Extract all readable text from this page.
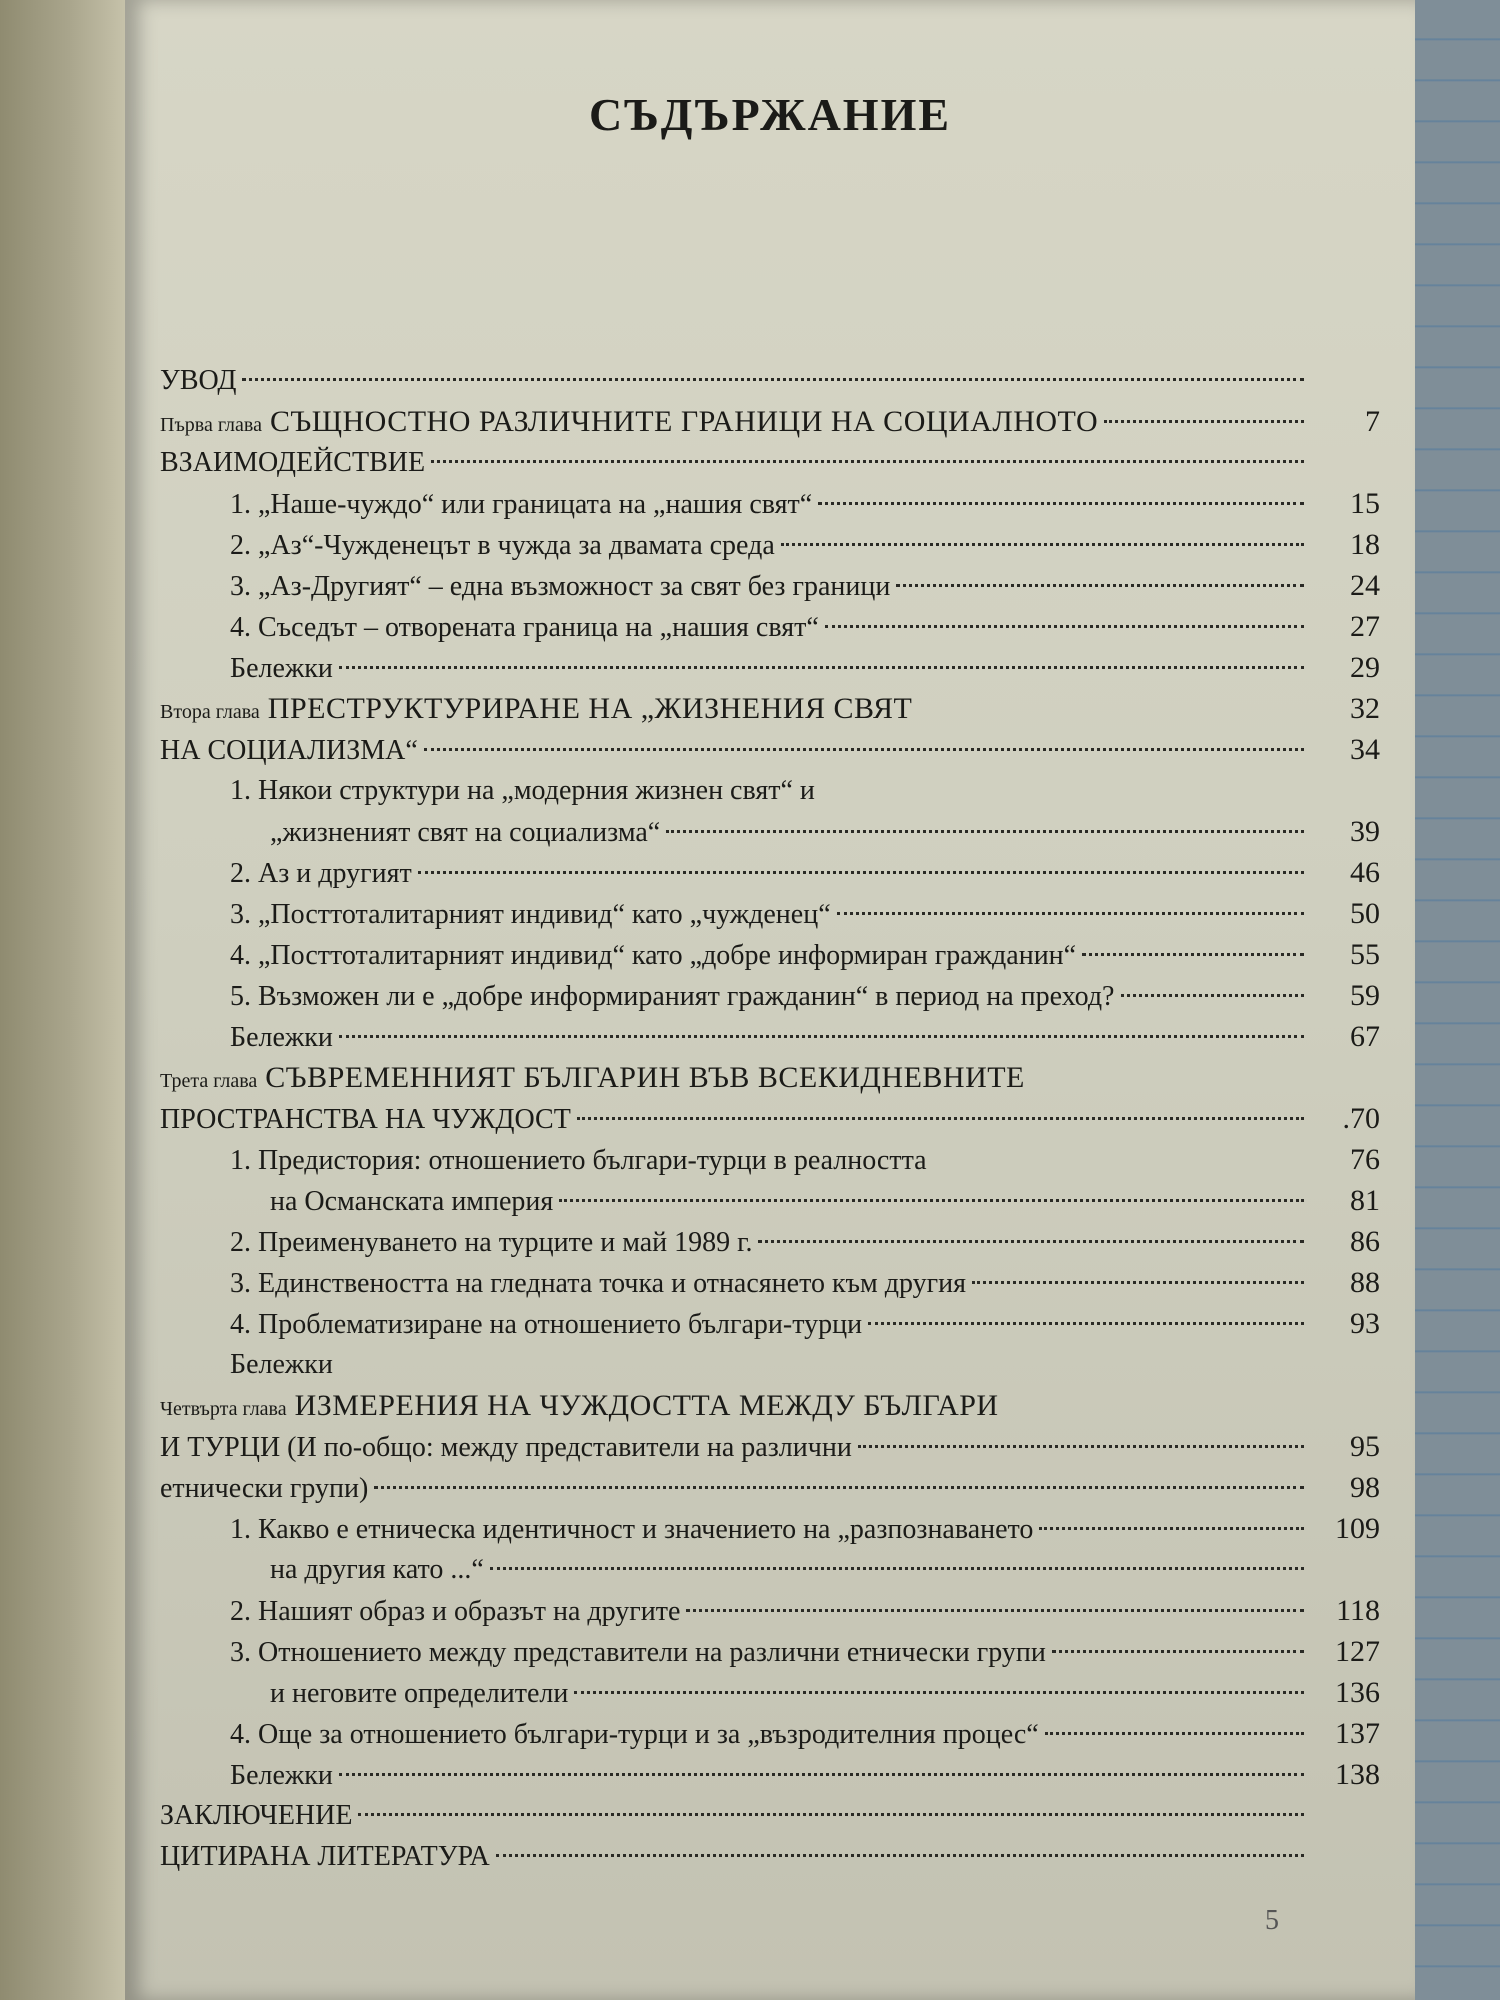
СЪДЪРЖАНИЕ
УВОД
Първа глава СЪЩНОСТНО РАЗЛИЧНИТЕ ГРАНИЦИ НА СОЦИАЛНОТО	7
ВЗАИМОДЕЙСТВИЕ
1. „Наше-чуждо“ или границата на „нашия свят“	15
2. „Аз“-Чужденецът в чужда за двамата среда	18
3. „Аз-Другият“ – една възможност за свят без граници	24
4. Съседът – отворената граница на „нашия свят“	27
Бележки	29
Втора глава ПРЕСТРУКТУРИРАНЕ НА „ЖИЗНЕНИЯ СВЯТ	32
НА СОЦИАЛИЗМА“	34
1. Някои структури на „модерния жизнен свят“ и
„жизненият свят на социализма“	39
2. Аз и другият	46
3. „Посттоталитарният индивид“ като „чужденец“	50
4. „Посттоталитарният индивид“ като „добре информиран гражданин“	55
5. Възможен ли е „добре информираният гражданин“ в период на преход?	59
Бележки	67
Трета глава СЪВРЕМЕННИЯТ БЪЛГАРИН ВЪВ ВСЕКИДНЕВНИТЕ
ПРОСТРАНСТВА НА ЧУЖДОСТ	.70
1. Предистория: отношението българи-турци в реалността	76
на Османската империя	81
2. Преименуването на турците и май 1989 г.	86
3. Единствеността на гледната точка и отнасянето към другия	88
4. Проблематизиране на отношението българи-турци	93
Бележки
Четвърта глава ИЗМЕРЕНИЯ НА ЧУЖДОСТТА МЕЖДУ БЪЛГАРИ
И ТУРЦИ (И по-общо: между представители на различни	95
етнически групи)	98
1. Какво е етническа идентичност и значението на „разпознаването	109
на другия като ...“
2. Нашият образ и образът на другите	118
3. Отношението между представители на различни етнически групи	127
и неговите определители	136
4. Още за отношението българи-турци и за „възродителния процес“	137
Бележки	138
ЗАКЛЮЧЕНИЕ
ЦИТИРАНА ЛИТЕРАТУРА
5
